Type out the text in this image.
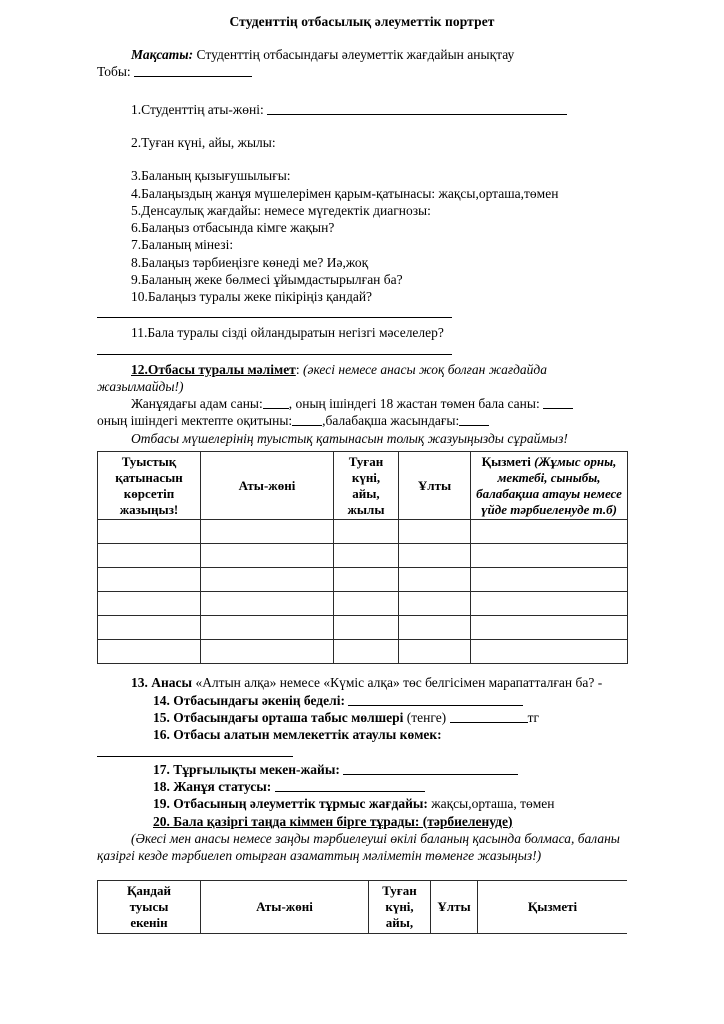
Студенттің отбасылық әлеуметтік портрет
Мақсаты: Студенттің отбасындағы әлеуметтік жағдайын анықтау
Тобы:
1.Студенттің аты-жөні:
2.Туған күні, айы, жылы:
3.Баланың қызығушылығы:
4.Балаңыздың жанұя мүшелерімен қарым-қатынасы: жақсы,орташа,төмен
5.Денсаулық жағдайы: немесе мүгедектік диагнозы:
6.Балаңыз отбасында кімге жақын?
7.Баланың мінезі:
8.Балаңыз тәрбиеңізге көнеді ме? Иә,жоқ
9.Баланың жеке бөлмесі ұйымдастырылған ба?
10.Балаңыз туралы жеке пікіріңіз қандай?
11.Бала туралы сізді ойландыратын негізгі мәселелер?
12.Отбасы туралы мәлімет: (әкесі немесе анасы жоқ болған жағдайда жазылмайды!)
Жанұядағы адам саны: , оның ішіндегі 18 жастан төмен бала саны:
оның ішіндегі мектепте оқитыны: ,балабақша жасындағы:
Отбасы мүшелерінің туыстық қатынасын толық жазуыңызды сұраймыз!
Туыстық
қатынасын
көрсетіп
жазыңыз!	Аты-жөні	Туған
күні,
айы,
жылы	Ұлты	Қызметі (Жұмыс орны, мектебі, сыныбы, балабақша атауы немесе үйде тәрбиеленуде т.б)

13. Анасы «Алтын алқа» немесе «Күміс алқа» төс белгісімен марапатталған ба? -
14. Отбасындағы әкенің беделі:
15. Отбасындағы орташа табыс мөлшері (тенге)	тг
16. Отбасы алатын мемлекеттік атаулы көмек:
17. Тұрғылықты мекен-жайы:
18. Жанұя статусы:
19. Отбасының әлеуметтік тұрмыс жағдайы: жақсы,орташа, төмен
20. Бала қазіргі таңда кіммен бірге тұрады: (тәрбиеленуде)
(Әкесі мен анасы немесе заңды тәрбиелеуші өкілі баланың қасында болмаса, баланы қазіргі кезде тәрбиелеп отырған азаматтың мәліметін төменге жазыңыз!)
Қандай
туысы
екенін	Аты-жөні	Туған
күні,
айы,	Ұлты	Қызметі
